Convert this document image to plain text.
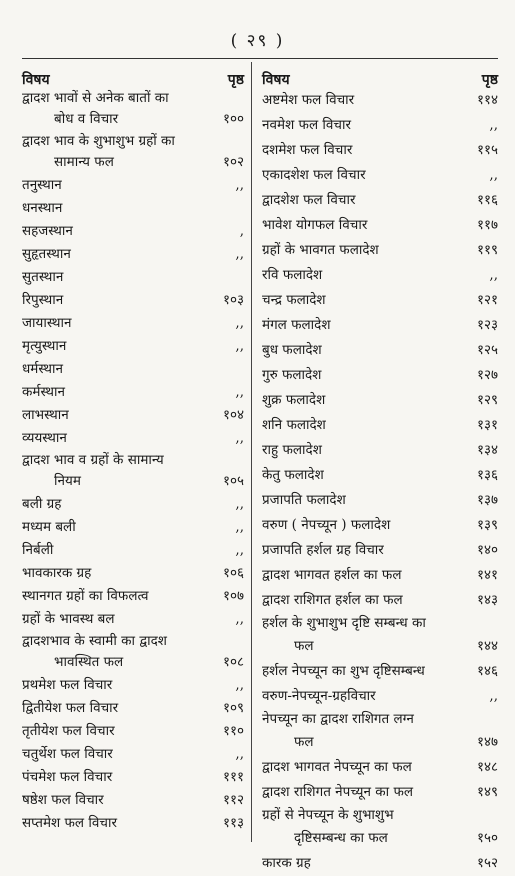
( २९ )
विषय	पृष्ठ
द्वादश भावों से अनेक बातों का
बोध व विचार	१००
द्वादश भाव के शुभाशुभ ग्रहों का
सामान्य फल	१०२
तनुस्थान	,,
धनस्थान
सहजस्थान	,
सुहृतस्थान	,,
सुतस्थान
रिपुस्थान	१०३
जायास्थान	,,
मृत्युस्थान	,,
धर्मस्थान
कर्मस्थान	,,
लाभस्थान	१०४
व्ययस्थान	,,
द्वादश भाव व ग्रहों के सामान्य
नियम	१०५
बली ग्रह	,,
मध्यम बली	,,
निर्बली	,,
भावकारक ग्रह	१०६
स्थानगत ग्रहों का विफलत्व	१०७
ग्रहों के भावस्थ बल	,,
द्वादशभाव के स्वामी का द्वादश
भावस्थित फल	१०८
प्रथमेश फल विचार	,,
द्वितीयेश फल विचार	१०९
तृतीयेश फल विचार	११०
चतुर्थेश फल विचार	,,
पंचमेश फल विचार	१११
षष्ठेश फल विचार	११२
सप्तमेश फल विचार	११३
विषय	पृष्ठ
अष्टमेश फल विचार	११४
नवमेश फल विचार	,,
दशमेश फल विचार	११५
एकादशेश फल विचार	,,
द्वादशेश फल विचार	११६
भावेश योगफल विचार	११७
ग्रहों के भावगत फलादेश	११९
रवि फलादेश	,,
चन्द्र फलादेश	१२१
मंगल फलादेश	१२३
बुध फलादेश	१२५
गुरु फलादेश	१२७
शुक्र फलादेश	१२९
शनि फलादेश	१३१
राहु फलादेश	१३४
केतु फलादेश	१३६
प्रजापति फलादेश	१३७
वरुण ( नेपच्यून ) फलादेश	१३९
प्रजापति हर्शल ग्रह विचार	१४०
द्वादश भागवत हर्शल का फल	१४१
द्वादश राशिगत हर्शल का फल	१४३
हर्शल के शुभाशुभ दृष्टि सम्बन्ध का
फल	१४४
हर्शल नेपच्यून का शुभ दृष्टिसम्बन्ध	१४६
वरुण-नेपच्यून-ग्रहविचार	,,
नेपच्यून का द्वादश राशिगत लग्न
फल	१४७
द्वादश भागवत नेपच्यून का फल	१४८
द्वादश राशिगत नेपच्यून का फल	१४९
ग्रहों से नेपच्यून के शुभाशुभ
दृष्टिसम्बन्ध का फल	१५०
कारक ग्रह	१५२
